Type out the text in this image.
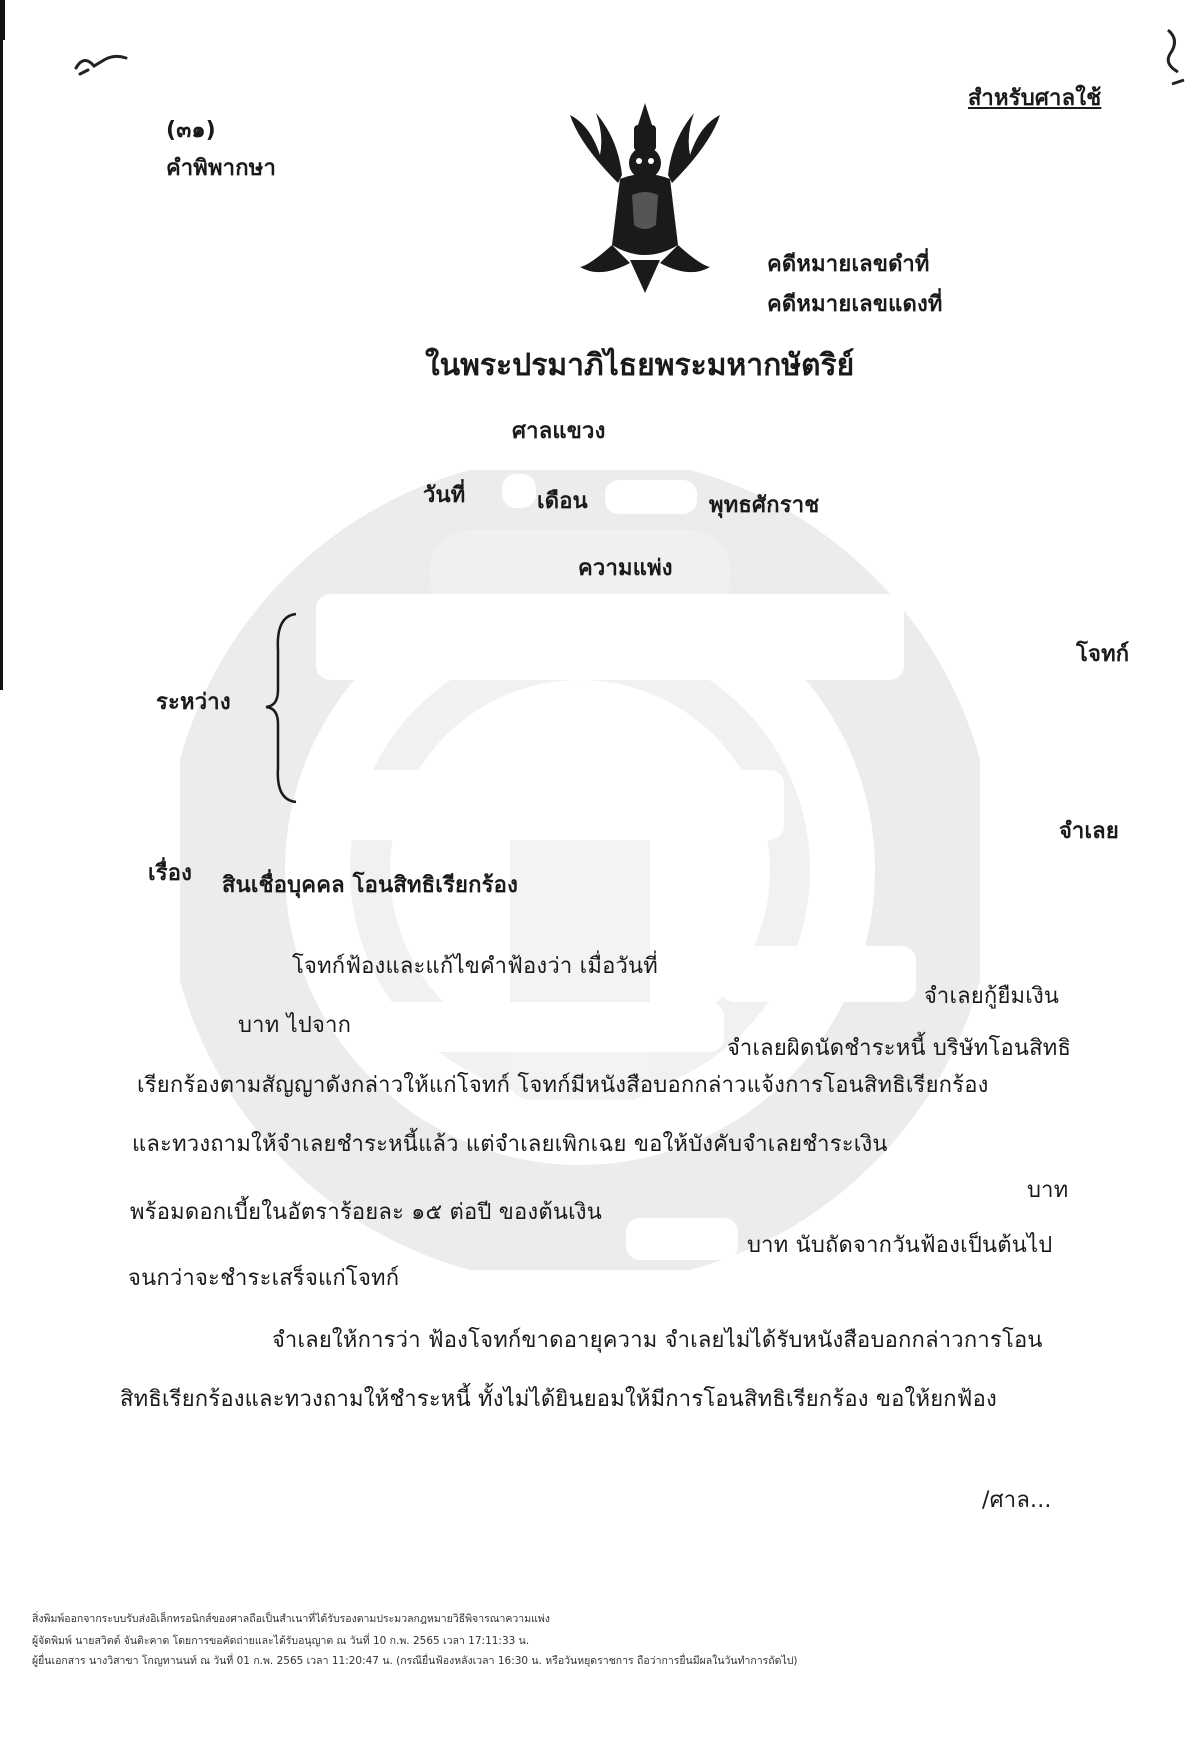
(๓๑)
คำพิพากษา
สำหรับศาลใช้
คดีหมายเลขดำที่
คดีหมายเลขแดงที่
ในพระปรมาภิไธยพระมหากษัตริย์
ศาลแขวง
วันที่	เดือน	พุทธศักราช
ความแพ่ง
ระหว่าง
โจทก์
จำเลย
เรื่อง สินเชื่อบุคคล โอนสิทธิเรียกร้อง
โจทก์ฟ้องและแก้ไขคำฟ้องว่า เมื่อวันที่
จำเลยกู้ยืมเงิน
บาท ไปจาก
จำเลยผิดนัดชำระหนี้ บริษัทโอนสิทธิ
เรียกร้องตามสัญญาดังกล่าวให้แก่โจทก์ โจทก์มีหนังสือบอกกล่าวแจ้งการโอนสิทธิเรียกร้อง
และทวงถามให้จำเลยชำระหนี้แล้ว แต่จำเลยเพิกเฉย ขอให้บังคับจำเลยชำระเงิน
บาท
พร้อมดอกเบี้ยในอัตราร้อยละ ๑๕ ต่อปี ของต้นเงิน
บาท นับถัดจากวันฟ้องเป็นต้นไป
จนกว่าจะชำระเสร็จแก่โจทก์
จำเลยให้การว่า ฟ้องโจทก์ขาดอายุความ จำเลยไม่ได้รับหนังสือบอกกล่าวการโอน
สิทธิเรียกร้องและทวงถามให้ชำระหนี้ ทั้งไม่ได้ยินยอมให้มีการโอนสิทธิเรียกร้อง ขอให้ยกฟ้อง
/ศาล...
สิ่งพิมพ์ออกจากระบบรับส่งอิเล็กทรอนิกส์ของศาลถือเป็นสำเนาที่ได้รับรองตามประมวลกฎหมายวิธีพิจารณาความแพ่ง
ผู้จัดพิมพ์ นายสวิตต์ จันติะคาด โดยการขอคัดถ่ายและได้รับอนุญาต ณ วันที่ 10 ก.พ. 2565 เวลา 17:11:33 น.
ผู้ยื่นเอกสาร นางวิสาขา โกญทานนท์ ณ วันที่ 01 ก.พ. 2565 เวลา 11:20:47 น. (กรณียื่นฟ้องหลังเวลา 16:30 น. หรือวันหยุดราชการ ถือว่าการยื่นมีผลในวันทำการถัดไป)
